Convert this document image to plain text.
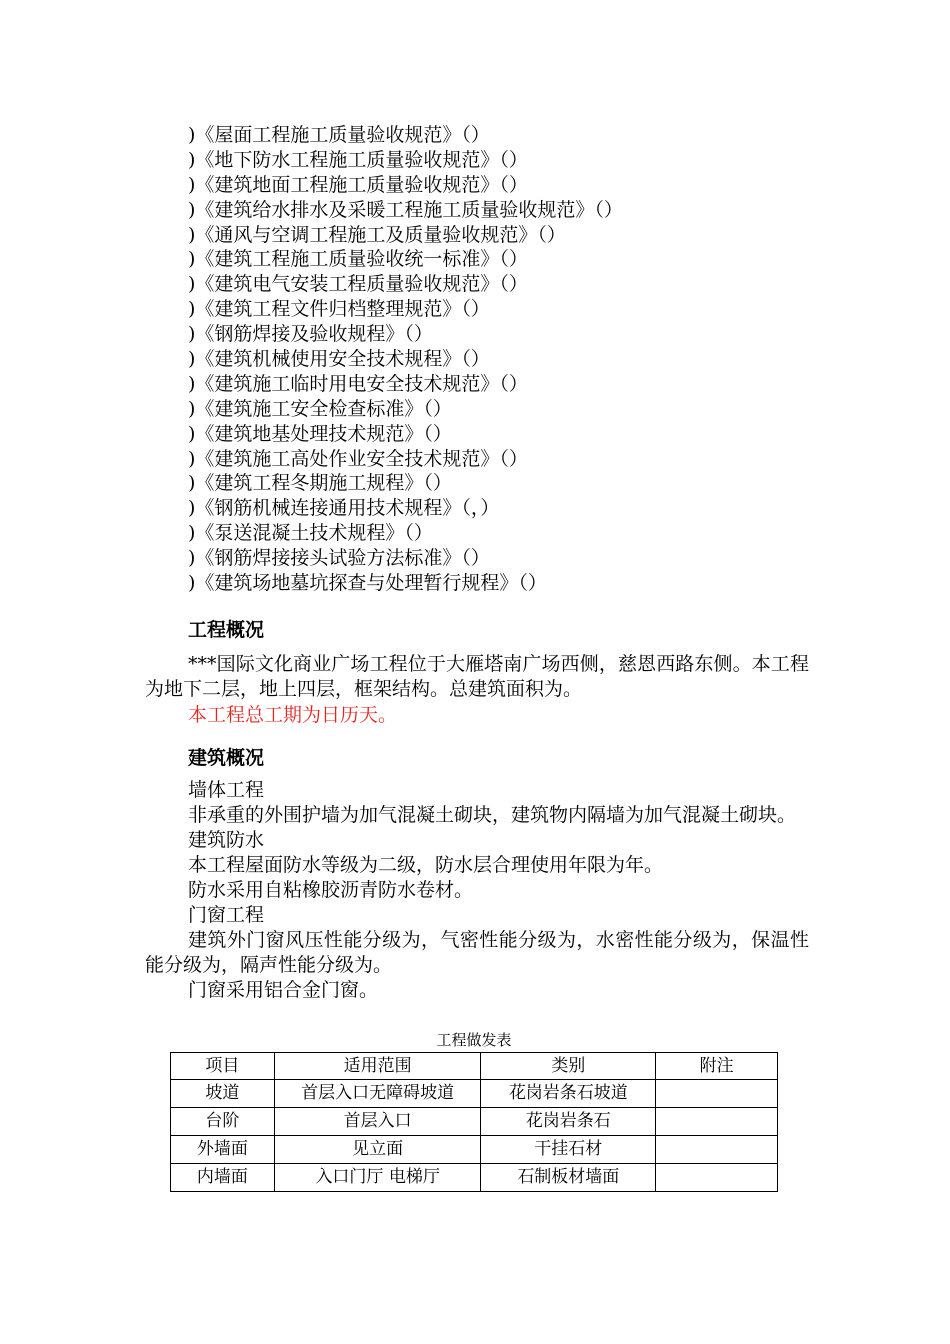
)《屋面工程施工质量验收规范》（）
)《地下防水工程施工质量验收规范》（）
)《建筑地面工程施工质量验收规范》（）
)《建筑给水排水及采暖工程施工质量验收规范》（）
)《通风与空调工程施工及质量验收规范》（）
)《建筑工程施工质量验收统一标准》（）
)《建筑电气安装工程质量验收规范》（）
)《建筑工程文件归档整理规范》（）
)《钢筋焊接及验收规程》（）
)《建筑机械使用安全技术规程》（）
)《建筑施工临时用电安全技术规范》（）
)《建筑施工安全检查标准》（）
)《建筑地基处理技术规范》（）
)《建筑施工高处作业安全技术规范》（）
)《建筑工程冬期施工规程》（）
)《钢筋机械连接通用技术规程》（，）
)《泵送混凝土技术规程》（）
)《钢筋焊接接头试验方法标准》（）
)《建筑场地墓坑探查与处理暂行规程》（）
工程概况
***国际文化商业广场工程位于大雁塔南广场西侧，慈恩西路东侧。本工程为地下二层，地上四层，框架结构。总建筑面积为。
本工程总工期为日历天。
建筑概况
墙体工程
非承重的外围护墙为加气混凝土砌块，建筑物内隔墙为加气混凝土砌块。
建筑防水
本工程屋面防水等级为二级，防水层合理使用年限为年。
防水采用自粘橡胶沥青防水卷材。
门窗工程
建筑外门窗风压性能分级为，气密性能分级为，水密性能分级为，保温性能分级为，隔声性能分级为。
门窗采用铝合金门窗。
工程做发表
项目	适用范围	类别	附注
坡道	首层入口无障碍坡道	花岗岩条石坡道	
台阶	首层入口	花岗岩条石	
外墙面	见立面	干挂石材	
内墙面	入口门厅 电梯厅	石制板材墙面	
